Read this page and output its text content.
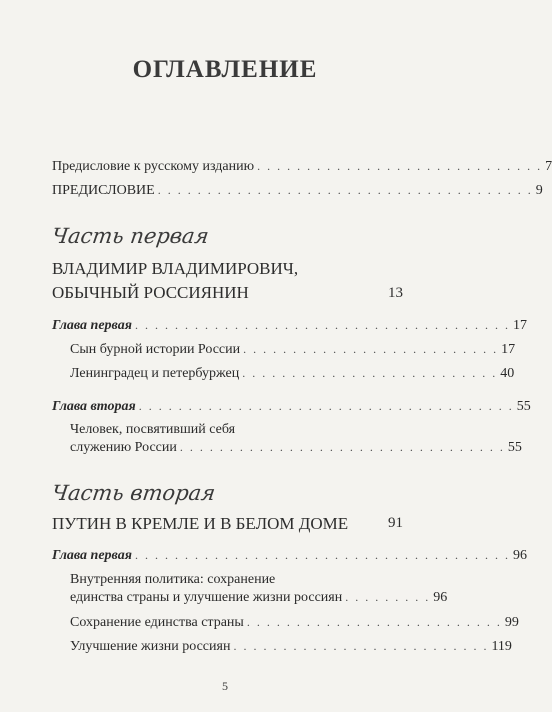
ОГЛАВЛЕНИЕ
Предисловие к русскому изданию . . . . . . . . . . . . . . . . . . . . . . . . . . . . . 7
ПРЕДИСЛОВИЕ . . . . . . . . . . . . . . . . . . . . . . . . . . . . . . . . . . . . . . 9
Часть первая
ВЛАДИМИР ВЛАДИМИРОВИЧ,
ОБЫЧНЫЙ РОССИЯНИН	13
Глава первая . . . . . . . . . . . . . . . . . . . . . . . . . . . . . . . . . . . . . . 17
Сын бурной истории России . . . . . . . . . . . . . . . . . . . . . . . . . . 17
Ленинградец и петербуржец . . . . . . . . . . . . . . . . . . . . . . . . . . 40
Глава вторая . . . . . . . . . . . . . . . . . . . . . . . . . . . . . . . . . . . . . . 55
Человек, посвятивший себя
служению России . . . . . . . . . . . . . . . . . . . . . . . . . . . . . . . . . 55
Часть вторая
ПУТИН В КРЕМЛЕ И В БЕЛОМ ДОМЕ	91
Глава первая . . . . . . . . . . . . . . . . . . . . . . . . . . . . . . . . . . . . . . 96
Внутренняя политика: сохранение
единства страны и улучшение жизни россиян . . . . . . . . . 96
Сохранение единства страны . . . . . . . . . . . . . . . . . . . . . . . . . . 99
Улучшение жизни россиян . . . . . . . . . . . . . . . . . . . . . . . . . . 119
5
